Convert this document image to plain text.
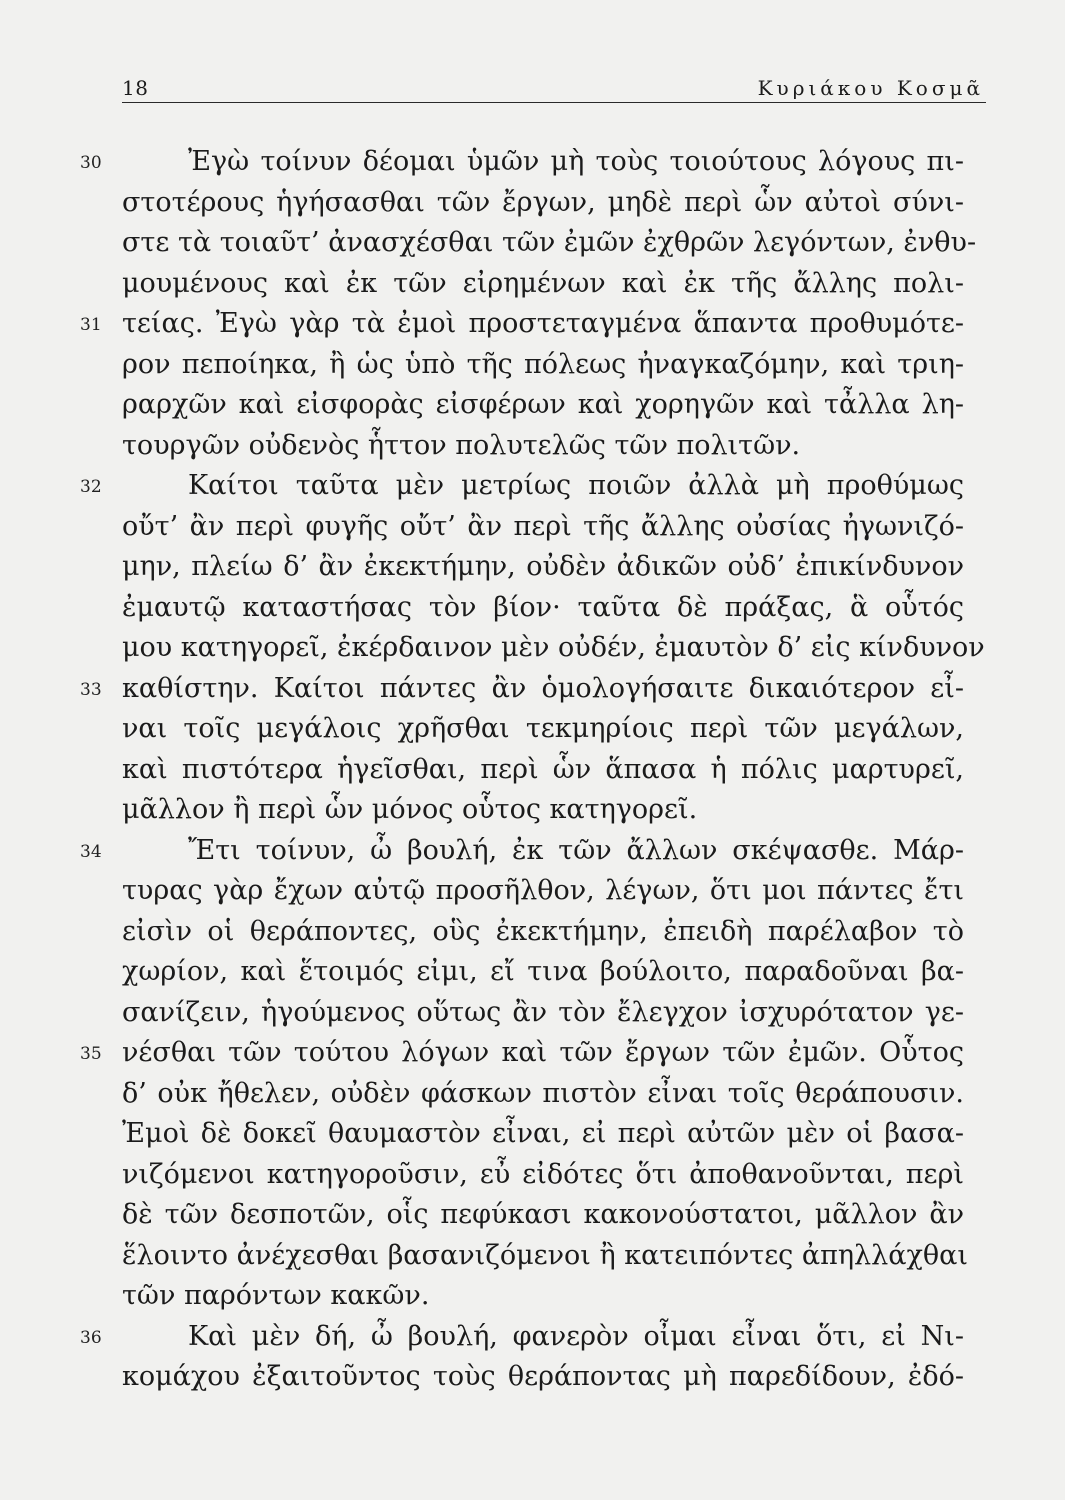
18	Κυριάκου Κοσμᾶ
30	Ἐγὼ τοίνυν δέομαι ὑμῶν μὴ τοὺς τοιούτους λόγους πι-
στοτέρους ἡγήσασθαι τῶν ἔργων, μηδὲ περὶ ὧν αὐτοὶ σύνι-
στε τὰ τοιαῦτ’ ἀνασχέσθαι τῶν ἐμῶν ἐχθρῶν λεγόντων, ἐνθυ-
μουμένους καὶ ἐκ τῶν εἰρημένων καὶ ἐκ τῆς ἄλλης πολι-
31 τείας. Ἐγὼ γὰρ τὰ ἐμοὶ προστεταγμένα ἅπαντα προθυμότε-
ρον πεποίηκα, ἢ ὡς ὑπὸ τῆς πόλεως ἠναγκαζόμην, καὶ τριη-
ραρχῶν καὶ εἰσφορὰς εἰσφέρων καὶ χορηγῶν καὶ τἆλλα λη-
τουργῶν οὐδενὸς ἧττον πολυτελῶς τῶν πολιτῶν.
32	Καίτοι ταῦτα μὲν μετρίως ποιῶν ἀλλὰ μὴ προθύμως
οὔτ’ ἂν περὶ φυγῆς οὔτ’ ἂν περὶ τῆς ἄλλης οὐσίας ἠγωνιζό-
μην, πλείω δ’ ἂν ἐκεκτήμην, οὐδὲν ἀδικῶν οὐδ’ ἐπικίνδυνον
ἐμαυτῷ καταστήσας τὸν βίον· ταῦτα δὲ πράξας, ἃ οὗτός
μου κατηγορεῖ, ἐκέρδαινον μὲν οὐδέν, ἐμαυτὸν δ’ εἰς κίνδυνον
33 καθίστην. Καίτοι πάντες ἂν ὁμολογήσαιτε δικαιότερον εἶ-
ναι τοῖς μεγάλοις χρῆσθαι τεκμηρίοις περὶ τῶν μεγάλων,
καὶ πιστότερα ἡγεῖσθαι, περὶ ὧν ἅπασα ἡ πόλις μαρτυρεῖ,
μᾶλλον ἢ περὶ ὧν μόνος οὗτος κατηγορεῖ.
34	Ἔτι τοίνυν, ὦ βουλή, ἐκ τῶν ἄλλων σκέψασθε. Μάρ-
τυρας γὰρ ἔχων αὐτῷ προσῆλθον, λέγων, ὅτι μοι πάντες ἔτι
εἰσὶν οἱ θεράποντες, οὓς ἐκεκτήμην, ἐπειδὴ παρέλαβον τὸ
χωρίον, καὶ ἕτοιμός εἰμι, εἴ τινα βούλοιτο, παραδοῦναι βα-
σανίζειν, ἡγούμενος οὕτως ἂν τὸν ἔλεγχον ἰσχυρότατον γε-
35 νέσθαι τῶν τούτου λόγων καὶ τῶν ἔργων τῶν ἐμῶν. Οὗτος
δ’ οὐκ ἤθελεν, οὐδὲν φάσκων πιστὸν εἶναι τοῖς θεράπουσιν.
Ἐμοὶ δὲ δοκεῖ θαυμαστὸν εἶναι, εἰ περὶ αὐτῶν μὲν οἱ βασα-
νιζόμενοι κατηγοροῦσιν, εὖ εἰδότες ὅτι ἀποθανοῦνται, περὶ
δὲ τῶν δεσποτῶν, οἷς πεφύκασι κακονούστατοι, μᾶλλον ἂν
ἕλοιντο ἀνέχεσθαι βασανιζόμενοι ἢ κατειπόντες ἀπηλλάχθαι
τῶν παρόντων κακῶν.
36	Καὶ μὲν δή, ὦ βουλή, φανερὸν οἶμαι εἶναι ὅτι, εἰ Νι-
κομάχου ἐξαιτοῦντος τοὺς θεράποντας μὴ παρεδίδουν, ἐδό-
